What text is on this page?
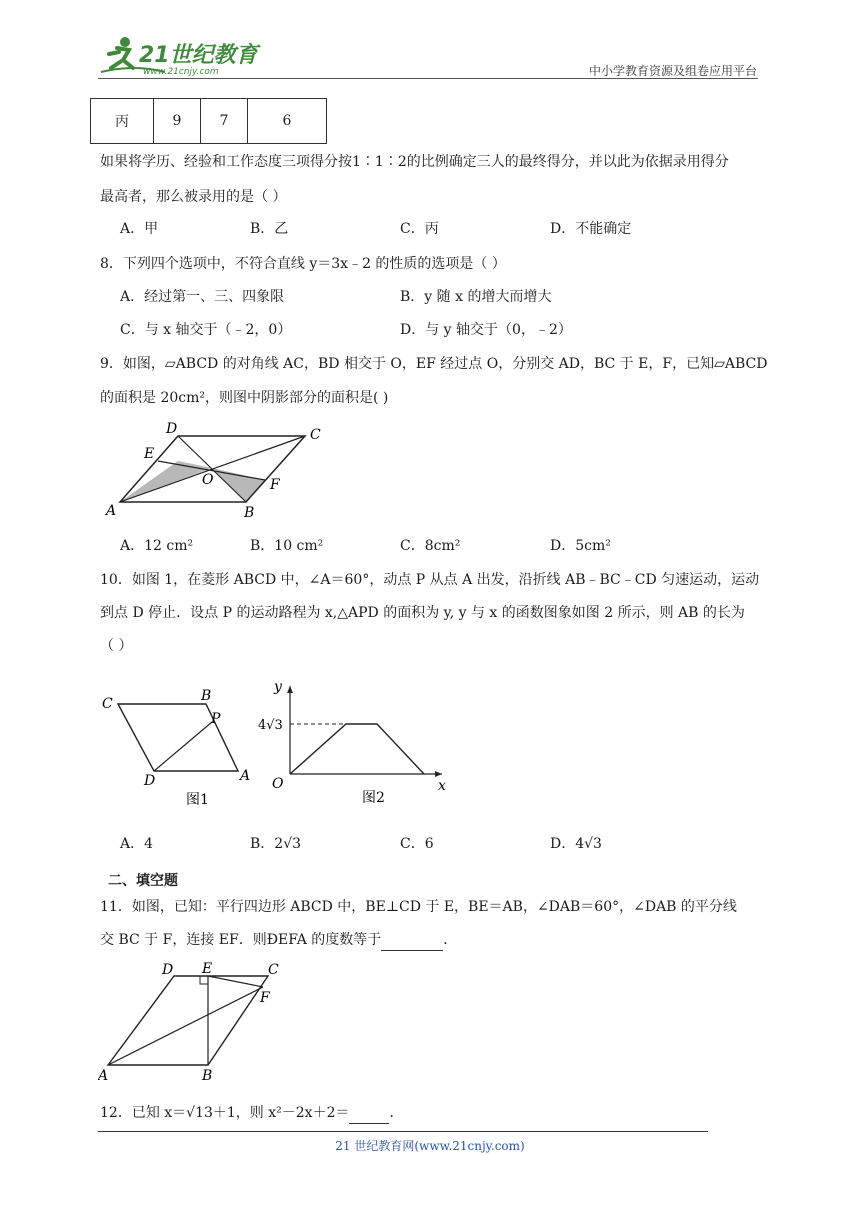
21世纪教育
www.21cnjy.com	中小学教育资源及组卷应用平台
丙	9	7	6
如果将学历、经验和工作态度三项得分按1∶1∶2的比例确定三人的最终得分，并以此为依据录用得分
最高者，那么被录用的是（ ）
A．甲	B．乙	C．丙	D．不能确定
8．下列四个选项中，不符合直线 y＝3x﹣2 的性质的选项是（ ）
A．经过第一、三、四象限	B．y 随 x 的增大而增大
C．与 x 轴交于（﹣2，0）	D．与 y 轴交于（0，﹣2）
9．如图，▱ABCD 的对角线 AC，BD 相交于 O，EF 经过点 O，分别交 AD，BC 于 E，F，已知▱ABCD
的面积是 20cm²，则图中阴影部分的面积是( )
A	B
C
D
E
F
O
A．12 cm²	B．10 cm²	C．8cm²	D．5cm²
10．如图 1，在菱形 ABCD 中，∠A＝60°，动点 P 从点 A 出发，沿折线 AB﹣BC﹣CD 匀速运动，运动
到点 D 停止．设点 P 的运动路程为 x,△APD 的面积为 y, y 与 x 的函数图象如图 2 所示，则 AB 的长为
（ ）
C	B
P
D	A
图1
y
x
O
4√3
图2
A．4	B．2√3	C．6	D．4√3
二、填空题
11．如图，已知：平行四边形 ABCD 中，BE⊥CD 于 E，BE＝AB，∠DAB＝60°，∠DAB 的平分线
交 BC 于 F，连接 EF．则ÐEFA 的度数等于	．
A	B
C
D E
F
12．已知 x＝√13＋1，则 x²－2x＋2＝	．
21 世纪教育网(www.21cnjy.com)
